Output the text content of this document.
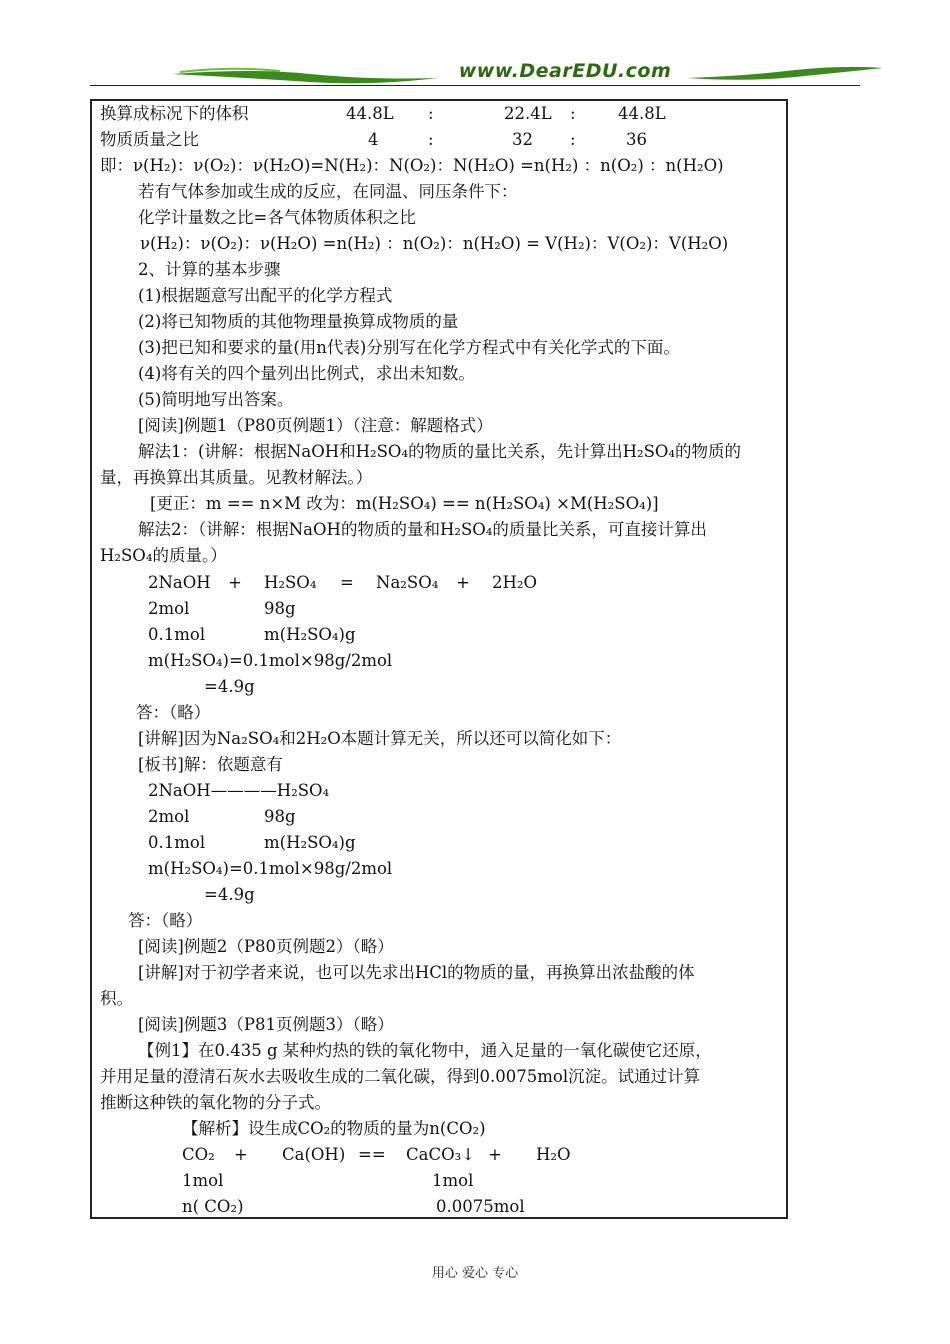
www.DearEDU.com
换算成标况下的体积	44.8L :	22.4L :	44.8L
物质质量之比	4	:	32 :	36
即：ν(H₂)：ν(O₂)：ν(H₂O)=N(H₂)：N(O₂)：N(H₂O) =n(H₂) ：n(O₂) ：n(H₂O)
若有气体参加或生成的反应，在同温、同压条件下：
化学计量数之比=各气体物质体积之比
ν(H₂)：ν(O₂)：ν(H₂O) =n(H₂) ：n(O₂)：n(H₂O) = V(H₂)：V(O₂)：V(H₂O)
2、计算的基本步骤
(1)根据题意写出配平的化学方程式
(2)将已知物质的其他物理量换算成物质的量
(3)把已知和要求的量(用n代表)分别写在化学方程式中有关化学式的下面。
(4)将有关的四个量列出比例式，求出未知数。
(5)简明地写出答案。
[阅读]例题1（P80页例题1）（注意：解题格式）
解法1：(讲解：根据NaOH和H₂SO₄的物质的量比关系，先计算出H₂SO₄的物质的
量，再换算出其质量。见教材解法。）
[更正：m == n×M 改为：m(H₂SO₄) == n(H₂SO₄) ×M(H₂SO₄)]
解法2：（讲解：根据NaOH的物质的量和H₂SO₄的质量比关系，可直接计算出
H₂SO₄的质量。）
2NaOH + H₂SO₄ = Na₂SO₄ + 2H₂O
2mol	98g
0.1mol	m(H₂SO₄)g
m(H₂SO₄)=0.1mol×98g/2mol
=4.9g
答：（略）
[讲解]因为Na₂SO₄和2H₂O本题计算无关，所以还可以简化如下：
[板书]解：依题意有
2NaOH————H₂SO₄
2mol	98g
0.1mol	m(H₂SO₄)g
m(H₂SO₄)=0.1mol×98g/2mol
=4.9g
答：（略）
[阅读]例题2（P80页例题2）（略）
[讲解]对于初学者来说，也可以先求出HCl的物质的量，再换算出浓盐酸的体
积。
[阅读]例题3（P81页例题3）（略）
【例1】在0.435 g 某种灼热的铁的氧化物中，通入足量的一氧化碳使它还原，
并用足量的澄清石灰水去吸收生成的二氧化碳，得到0.0075mol沉淀。试通过计算
推断这种铁的氧化物的分子式。
【解析】设生成CO₂的物质的量为n(CO₂)
CO₂ + Ca(OH) == CaCO₃↓ + H₂O
1mol	1mol
n( CO₂)	0.0075mol
用心 爱心 专心
